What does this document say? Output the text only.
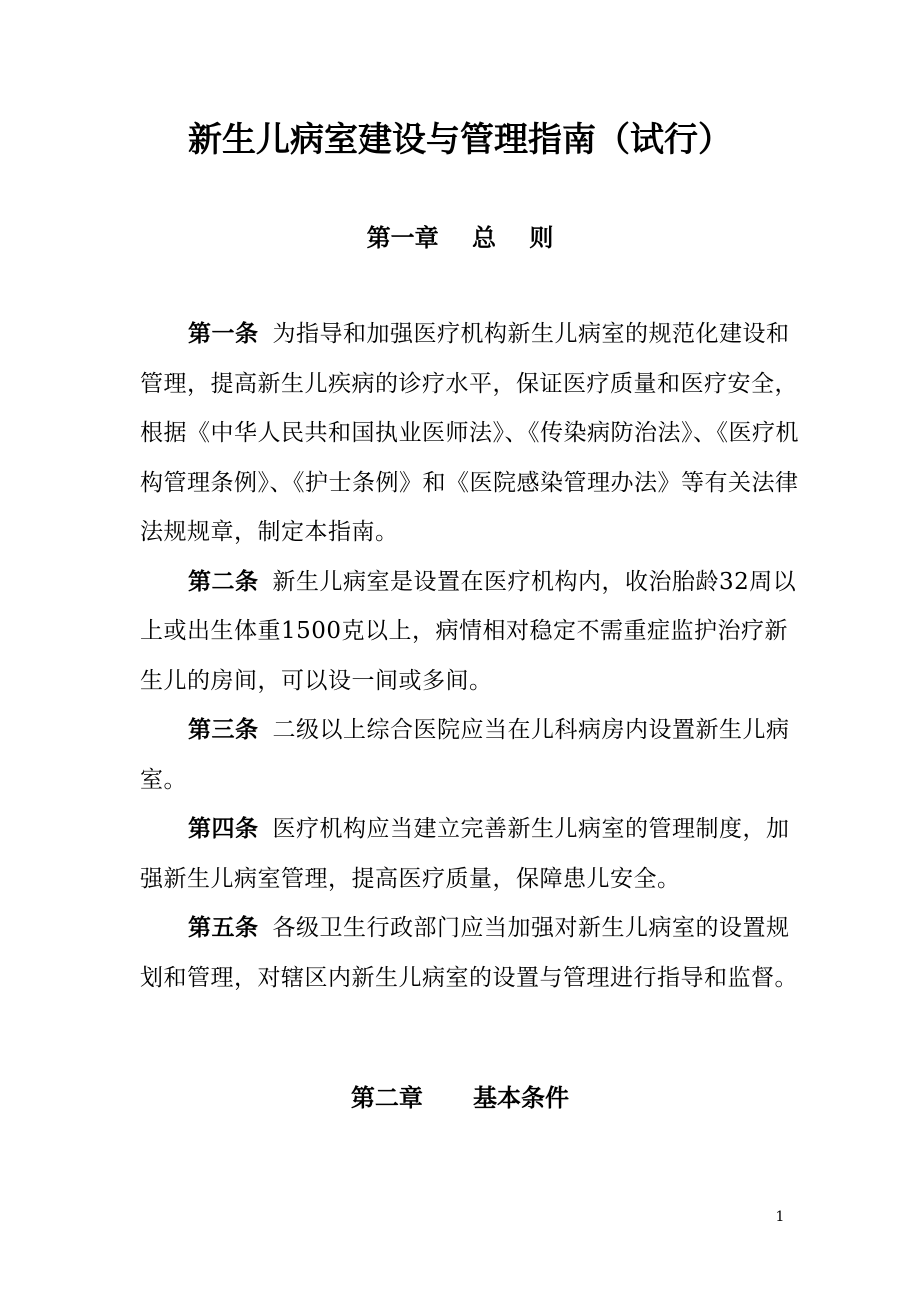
新生儿病室建设与管理指南（试行）
第一章    总    则

第一条 为指导和加强医疗机构新生儿病室的规范化建设和管理，提高新生儿疾病的诊疗水平，保证医疗质量和医疗安全，根据《中华人民共和国执业医师法》、《传染病防治法》、《医疗机构管理条例》、《护士条例》和《医院感染管理办法》等有关法律法规规章，制定本指南。

第二条 新生儿病室是设置在医疗机构内，收治胎龄32周以上或出生体重1500克以上，病情相对稳定不需重症监护治疗新生儿的房间，可以设一间或多间。

第三条 二级以上综合医院应当在儿科病房内设置新生儿病室。

第四条 医疗机构应当建立完善新生儿病室的管理制度，加强新生儿病室管理，提高医疗质量，保障患儿安全。

第五条 各级卫生行政部门应当加强对新生儿病室的设置规划和管理，对辖区内新生儿病室的设置与管理进行指导和监督。

第二章      基本条件
1
